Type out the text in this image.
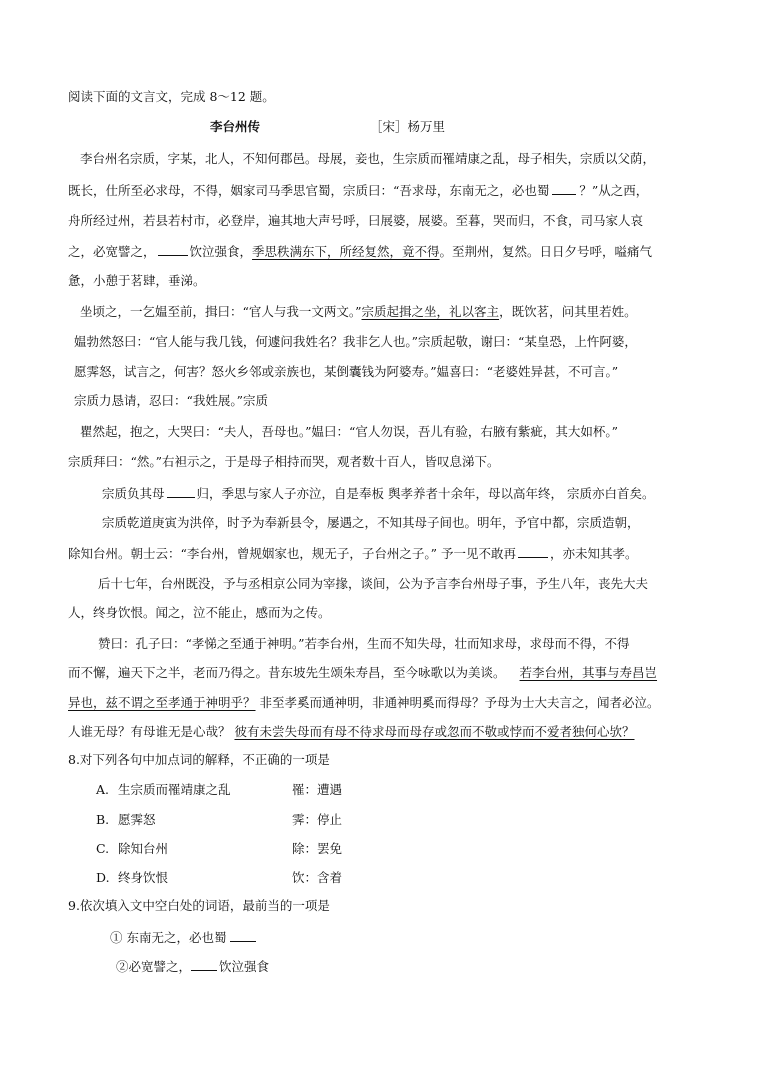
阅读下面的文言文，完成 8～12 题。
李台州传	［宋］杨万里
李台州名宗质，字某，北人，不知何郡邑。母展，妾也，生宗质而罹靖康之乱，母子相失，宗质以父荫，
既长，仕所至必求母，不得，姻家司马季思官蜀，宗质曰：“吾求母，东南无之，必也蜀 ？”从之西，
舟所经过州，若县若村市，必登岸，遍其地大声号呼，曰展婆，展婆。至暮，哭而归，不食，司马家人哀
之，必宽譬之，	饮泣强食，季思秩满东下，所经复然，竟不得。至荆州，复然。日日夕号呼，嗌痛气
惫，小憩于茗肆，垂涕。
坐顷之，一乞媪至前，揖曰：“官人与我一文两文。”宗质起揖之坐，礼以客主，既饮茗，问其里若姓。
媪勃然怒曰：“官人能与我几钱，何遽问我姓名？我非乞人也。”宗质起敬，谢曰：“某皇恐，上忤阿婆，
愿霁怒，试言之，何害？怒火乡邻或亲族也，某倒囊钱为阿婆寿。”媪喜曰：“老婆姓异甚，不可言。”
宗质力恳请，忍曰：“我姓展。”宗质
瞿然起，抱之，大哭曰：“夫人，吾母也。”媪曰：“官人勿误，吾儿有验，右腋有紫疵，其大如杯。”
宗质拜曰：“然。”右袒示之，于是母子相持而哭，观者数十百人，皆叹息涕下。
宗质负其母	归，季思与家人子亦泣，自是奉板 舆孝养者十余年，母以高年终， 宗质亦白首矣。
宗质乾道庚寅为洪倅，时予为奉新县令，屡遇之，不知其母子间也。明年，予官中都，宗质造朝，
除知台州。朝士云：“李台州，曾规姻家也，规无子，子台州之子。” 予一见不敢再	，亦未知其孝。
后十七年，台州既没，予与丞相京公同为宰掾，谈间，公为予言李台州母子事，予生八年，丧先大夫
人，终身饮恨。闻之，泣不能止，感而为之传。
赞曰：孔子曰：“孝悌之至通于神明。”若李台州，生而不知失母，壮而知求母，求母而不得，不得
而不懈，遍天下之半，老而乃得之。昔东坡先生颂朱寿昌，至今咏歌以为美谈。 若李台州，其事与寿昌岂
异也，兹不谓之至孝通于神明乎？ 非至孝奚而通神明，非通神明奚而得母？予母为士大夫言之，闻者必泣。
人谁无母？有母谁无是心哉？ 彼有未尝失母而有母不待求母而母存或忽而不敬或悖而不爱者独何心欤？
8.对下列各句中加点词的解释，不正确的一项是
A. 生宗质而罹靖康之乱	罹：遭遇
B. 愿霁怒	霁：停止
C. 除知台州	除：罢免
D. 终身饮恨	饮：含着
9.依次填入文中空白处的词语，最前当的一项是
① 东南无之，必也蜀
②必宽譬之， 饮泣强食
